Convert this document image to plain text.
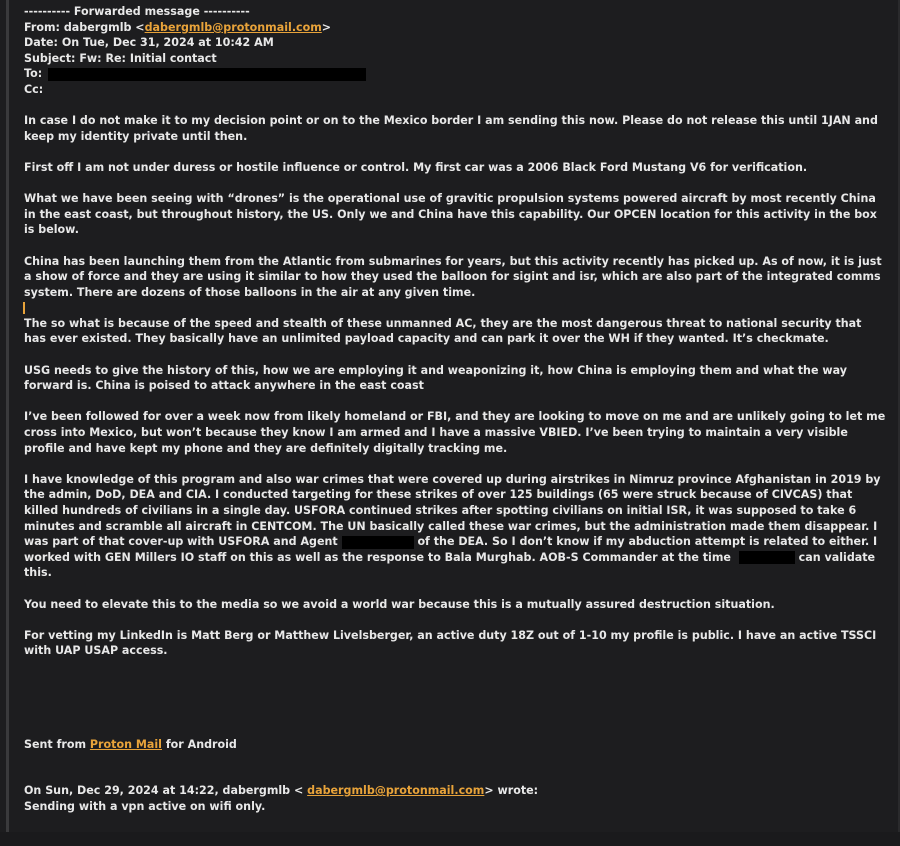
---------- Forwarded message ----------
From: dabergmlb <dabergmlb@protonmail.com>
Date: On Tue, Dec 31, 2024 at 10:42 AM
Subject: Fw: Re: Initial contact
To:
Cc:

In case I do not make it to my decision point or on to the Mexico border I am sending this now. Please do not release this until 1JAN and keep my identity private until then.

First off I am not under duress or hostile influence or control. My first car was a 2006 Black Ford Mustang V6 for verification.

What we have been seeing with “drones” is the operational use of gravitic propulsion systems powered aircraft by most recently China in the east coast, but throughout history, the US. Only we and China have this capability. Our OPCEN location for this activity in the box is below.

China has been launching them from the Atlantic from submarines for years, but this activity recently has picked up. As of now, it is just a show of force and they are using it similar to how they used the balloon for sigint and isr, which are also part of the integrated comms system. There are dozens of those balloons in the air at any given time.

The so what is because of the speed and stealth of these unmanned AC, they are the most dangerous threat to national security that has ever existed. They basically have an unlimited payload capacity and can park it over the WH if they wanted. It’s checkmate.

USG needs to give the history of this, how we are employing it and weaponizing it, how China is employing them and what the way forward is. China is poised to attack anywhere in the east coast

I’ve been followed for over a week now from likely homeland or FBI, and they are looking to move on me and are unlikely going to let me cross into Mexico, but won’t because they know I am armed and I have a massive VBIED. I’ve been trying to maintain a very visible profile and have kept my phone and they are definitely digitally tracking me.

I have knowledge of this program and also war crimes that were covered up during airstrikes in Nimruz province Afghanistan in 2019 by the admin, DoD, DEA and CIA. I conducted targeting for these strikes of over 125 buildings (65 were struck because of CIVCAS) that killed hundreds of civilians in a single day. USFORA continued strikes after spotting civilians on initial ISR, it was supposed to take 6 minutes and scramble all aircraft in CENTCOM. The UN basically called these war crimes, but the administration made them disappear. I was part of that cover-up with USFORA and Agent	of the DEA. So I don’t know if my abduction attempt is related to either. I worked with GEN Millers IO staff on this as well as the response to Bala Murghab. AOB-S Commander at the time	can validate this.

You need to elevate this to the media so we avoid a world war because this is a mutually assured destruction situation.

For vetting my LinkedIn is Matt Berg or Matthew Livelsberger, an active duty 18Z out of 1-10 my profile is public. I have an active TSSCI with UAP USAP access.

Sent from Proton Mail for Android
On Sun, Dec 29, 2024 at 14:22, dabergmlb < dabergmlb@protonmail.com> wrote:
Sending with a vpn active on wifi only.
